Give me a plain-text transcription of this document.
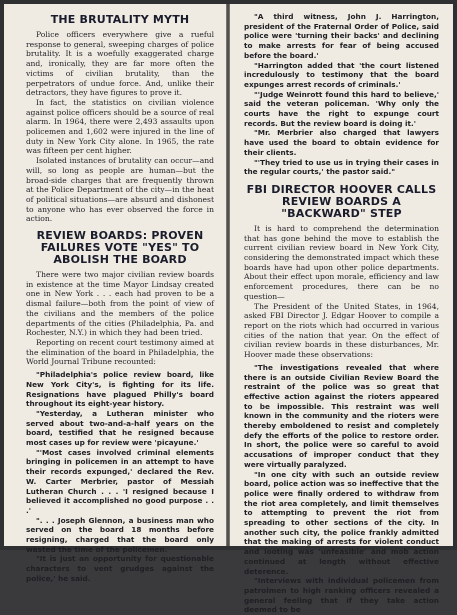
THE BRUTALITY MYTH

Police officers everywhere give a rueful response to general, sweeping charges of police brutality. It is a woefully exaggerated charge and, ironically, they are far more often the victims of civilian brutality, than the perpetrators of undue force. And, unlike their detractors, they have figures to prove it.

In fact, the statistics on civilian violence against police officers should be a source of real alarm. In 1964, there were 2,493 assaults upon policemen and 1,602 were injured in the line of duty in New York City alone. In 1965, the rate was fifteen per cent higher.

Isolated instances of brutality can occur—and will, so long as people are human—but the broad-side charges that are frequently thrown at the Police Department of the city—in the heat of political situations—are absurd and dishonest to anyone who has ever observed the force in action.

REVIEW BOARDS: PROVEN FAILURES VOTE "YES" TO ABOLISH THE BOARD

There were two major civilian review boards in existence at the time Mayor Lindsay created one in New York . . . each had proven to be a dismal failure—both from the point of view of the civilians and the members of the police departments of the cities (Philadelphia, Pa. and Rochester, N.Y.) in which they had been tried.

Reporting on recent court testimony aimed at the elimination of the board in Philadelphia, the World Journal Tribune recounted:

"Philadelphia's police review board, like New York City's, is fighting for its life. Resignations have plagued Philly's board throughout its eight-year history.

"Yesterday, a Lutheran minister who served about two-and-a-half years on the board, testified that he resigned because most cases up for review were 'picayune.'

"'Most cases involved criminal elements bringing in policemen in an attempt to have their records expunged,' declared the Rev. W. Carter Merbrier, pastor of Messiah Lutheran Church . . . 'I resigned because I believed it accomplished no good purpose . . .'

". . . Joseph Glennon, a business man who served on the board 18 months before resigning, charged that the board only wasted the time of the policemen.

"It is just an opportunity for questionable characters to vent grudges against the police,' he said.

"A third witness, John J. Harrington, president of the Fraternal Order of Police, said police were 'turning their backs' and declining to make arrests for fear of being accused before the board.'

"Harrington added that 'the court listened incredulously to testimony that the board expunges arrest records of criminals.'

"'Judge Weinrott found this hard to believe,' said the veteran policeman. 'Why only the courts have the right to expunge court records. But the review board is doing it.'

"Mr. Merbrier also charged that lawyers have used the board to obtain evidence for their clients.

"'They tried to use us in trying their cases in the regular courts,' the pastor said."

FBI DIRECTOR HOOVER CALLS REVIEW BOARDS A "BACKWARD" STEP

It is hard to comprehend the determination that has gone behind the move to establish the current civilian review board in New York City, considering the demonstrated impact which these boards have had upon other police departments. About their effect upon morale, efficiency and law enforcement procedures, there can be no question—

The President of the United States, in 1964, asked FBI Director J. Edgar Hoover to compile a report on the riots which had occurred in various cities of the nation that year. On the effect of civilian review boards in these disturbances, Mr. Hoover made these observations:

"The investigations revealed that where there is an outside Civilian Review Board the restraint of the police was so great that effective action against the rioters appeared to be impossible. This restraint was well known in the community and the rioters were thereby emboldened to resist and completely defy the efforts of the police to restore order. In short, the police were so careful to avoid accusations of improper conduct that they were virtually paralyzed.

"In one city with such an outside review board, police action was so ineffective that the police were finally ordered to withdraw from the riot area completely, and limit themselves to attempting to prevent the riot from spreading to other sections of the city. In another such city, the police frankly admitted that the making of arrests for violent conduct and looting was 'unfeasible' and mob action continued at length without effective deterence.

"Interviews with individual policemen from patrolmen to high ranking officers revealed a general feeling that if they take action deemed to be
